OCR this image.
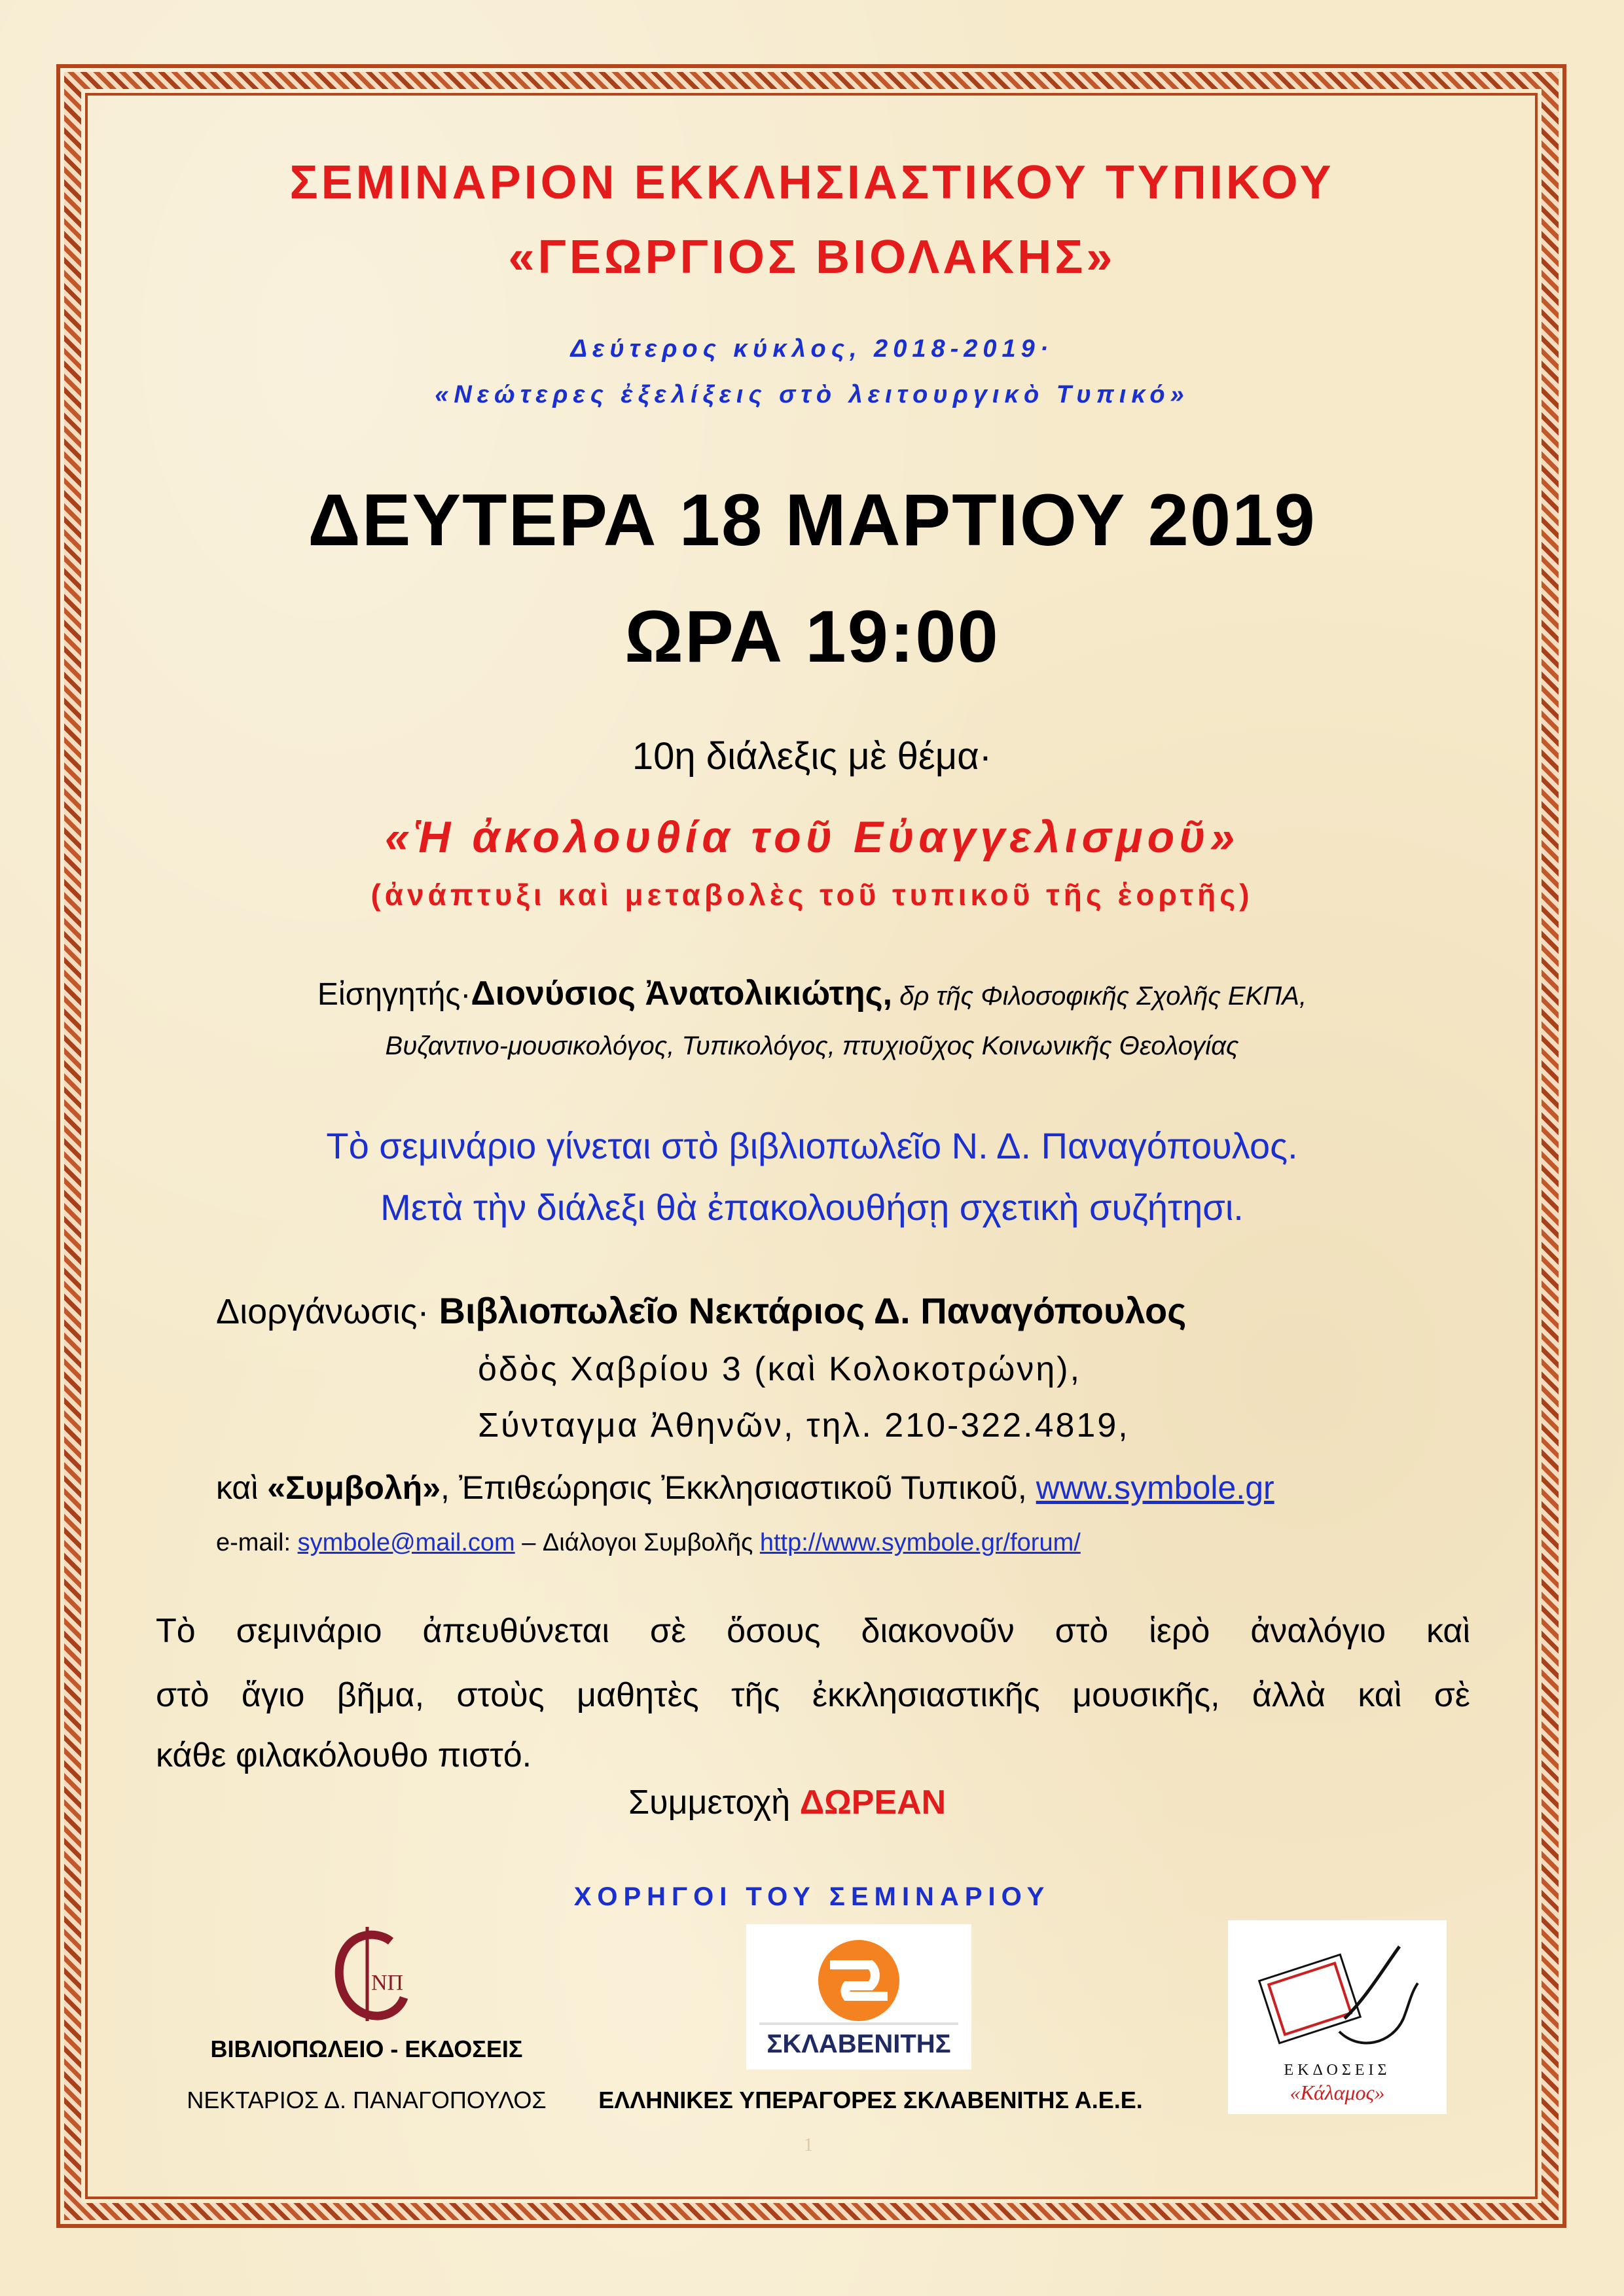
ΣΕΜΙΝΑΡΙΟΝ ΕΚΚΛΗΣΙΑΣΤΙΚΟΥ ΤΥΠΙΚΟΥ
«ΓΕΩΡΓΙΟΣ ΒΙΟΛΑΚΗΣ»
Δεύτερος κύκλος, 2018-2019·
«Νεώτερες ἐξελίξεις στὸ λειτουργικὸ Τυπικό»
ΔΕΥΤΕΡΑ 18 ΜΑΡΤΙΟΥ 2019
ΩΡΑ 19:00
10η διάλεξις μὲ θέμα·
«Ἡ ἀκολουθία τοῦ Εὐαγγελισμοῦ»
(ἀνάπτυξι καὶ μεταβολὲς τοῦ τυπικοῦ τῆς ἑορτῆς)
Εἰσηγητής·Διονύσιος Ἀνατολικιώτης, δρ τῆς Φιλοσοφικῆς Σχολῆς ΕΚΠΑ,
Βυζαντινο-μουσικολόγος, Τυπικολόγος, πτυχιοῦχος Κοινωνικῆς Θεολογίας
Τὸ σεμινάριο γίνεται στὸ βιβλιοπωλεῖο Ν. Δ. Παναγόπουλος.
Μετὰ τὴν διάλεξι θὰ ἐπακολουθήσῃ σχετικὴ συζήτησι.
Διοργάνωσις· Βιβλιοπωλεῖο Νεκτάριος Δ. Παναγόπουλος
ὁδὸς Χαβρίου 3 (καὶ Κολοκοτρώνη),
Σύνταγμα Ἀθηνῶν, τηλ. 210-322.4819,
καὶ «Συμβολή», Ἐπιθεώρησις Ἐκκλησιαστικοῦ Τυπικοῦ, www.symbole.gr
e-mail: symbole@mail.com – Διάλογοι Συμβολῆς http://www.symbole.gr/forum/
Τὸ σεμινάριο ἀπευθύνεται σὲ ὅσους διακονοῦν στὸ ἱερὸ ἀναλόγιο καὶ
στὸ ἅγιο βῆμα, στοὺς μαθητὲς τῆς ἐκκλησιαστικῆς μουσικῆς, ἀλλὰ καὶ σὲ
κάθε φιλακόλουθο πιστό.
Συμμετοχὴ ΔΩΡΕΑΝ
ΧΟΡΗΓΟΙ ΤΟΥ ΣΕΜΙΝΑΡΙΟΥ
ΝΠ
ΣΚΛΑΒΕΝΙΤΗΣ
ΕΚΔΟΣΕΙΣ
«Κάλαμος»
ΒΙΒΛΙΟΠΩΛΕΙΟ - ΕΚΔΟΣΕΙΣ
ΝΕΚΤΑΡΙΟΣ Δ. ΠΑΝΑΓΟΠΟΥΛΟΣ	ΕΛΛΗΝΙΚΕΣ ΥΠΕΡΑΓΟΡΕΣ ΣΚΛΑΒΕΝΙΤΗΣ Α.Ε.Ε.
1
